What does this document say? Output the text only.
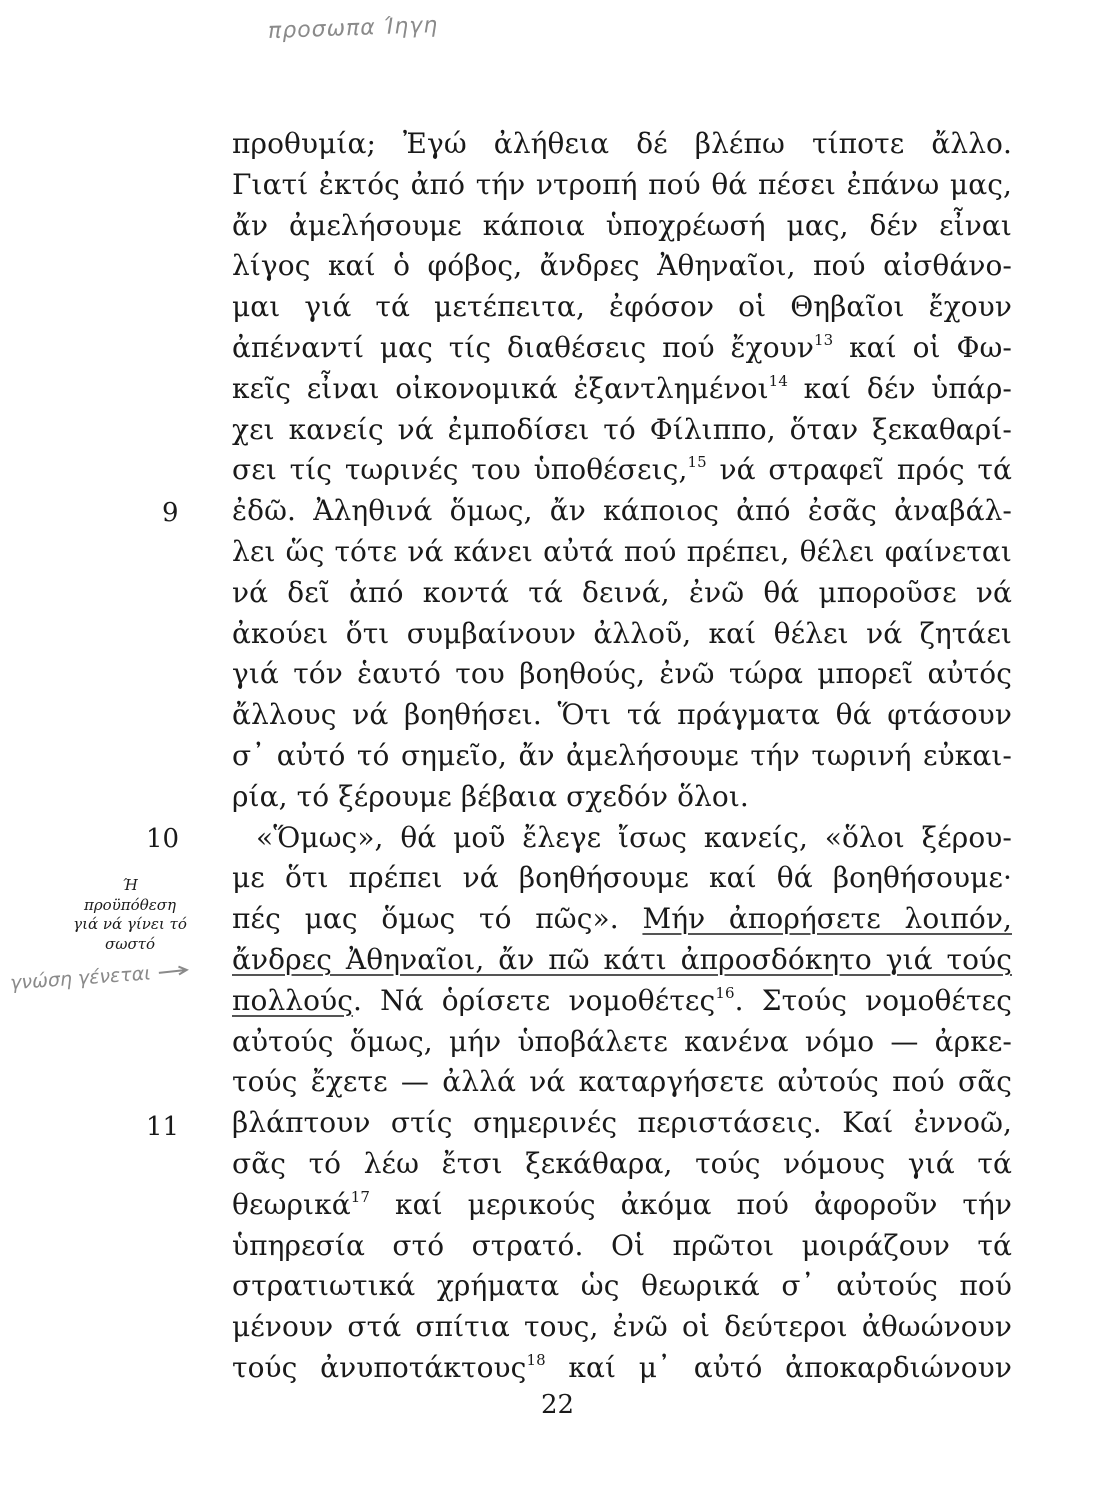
προσωπα Ίηγη
9
10
11
Ή
προϋπόθεση
γιά νά γίνει τό
σωστό
γνώση γένεται
προθυμία; Ἐγώ ἀλήθεια δέ βλέπω τίποτε ἄλλο.
Γιατί ἐκτός ἀπό τήν ντροπή πού θά πέσει ἐπάνω μας,
ἄν ἀμελήσουμε κάποια ὑποχρέωσή μας, δέν εἶναι
λίγος καί ὁ φόβος, ἄνδρες Ἀθηναῖοι, πού αἰσθάνο-
μαι γιά τά μετέπειτα, ἐφόσον οἱ Θηβαῖοι ἔχουν
ἀπέναντί μας τίς διαθέσεις πού ἔχουν$^{13}$ καί οἱ Φω-
κεῖς εἶναι οἰκονομικά ἐξαντλημένοι$^{14}$ καί δέν ὑπάρ-
χει κανείς νά ἐμποδίσει τό Φίλιππο, ὅταν ξεκαθαρί-
σει τίς τωρινές του ὑποθέσεις,$^{15}$ νά στραφεῖ πρός τά
ἐδῶ. Ἀληθινά ὅμως, ἄν κάποιος ἀπό ἐσᾶς ἀναβάλ-
λει ὥς τότε νά κάνει αὐτά πού πρέπει, θέλει φαίνεται
νά δεῖ ἀπό κοντά τά δεινά, ἐνῶ θά μποροῦσε νά
ἀκούει ὅτι συμβαίνουν ἀλλοῦ, καί θέλει νά ζητάει
γιά τόν ἑαυτό του βοηθούς, ἐνῶ τώρα μπορεῖ αὐτός
ἄλλους νά βοηθήσει. Ὅτι τά πράγματα θά φτάσουν
σ᾽ αὐτό τό σημεῖο, ἄν ἀμελήσουμε τήν τωρινή εὐκαι-
ρία, τό ξέρουμε βέβαια σχεδόν ὅλοι.
«Ὅμως», θά μοῦ ἔλεγε ἴσως κανείς, «ὅλοι ξέρου-
με ὅτι πρέπει νά βοηθήσουμε καί θά βοηθήσουμε·
πές μας ὅμως τό πῶς». Μήν ἀπορήσετε λοιπόν,
ἄνδρες Ἀθηναῖοι, ἄν πῶ κάτι ἀπροσδόκητο γιά τούς
πολλούς. Νά ὁρίσετε νομοθέτες$^{16}$. Στούς νομοθέτες
αὐτούς ὅμως, μήν ὑποβάλετε κανένα νόμο — ἀρκε-
τούς ἔχετε — ἀλλά νά καταργήσετε αὐτούς πού σᾶς
βλάπτουν στίς σημερινές περιστάσεις. Καί ἐννοῶ,
σᾶς τό λέω ἔτσι ξεκάθαρα, τούς νόμους γιά τά
θεωρικά$^{17}$ καί μερικούς ἀκόμα πού ἀφοροῦν τήν
ὑπηρεσία στό στρατό. Οἱ πρῶτοι μοιράζουν τά
στρατιωτικά χρήματα ὡς θεωρικά σ᾽ αὐτούς πού
μένουν στά σπίτια τους, ἐνῶ οἱ δεύτεροι ἀθωώνουν
τούς ἀνυποτάκτους$^{18}$ καί μ᾽ αὐτό ἀποκαρδιώνουν
22
